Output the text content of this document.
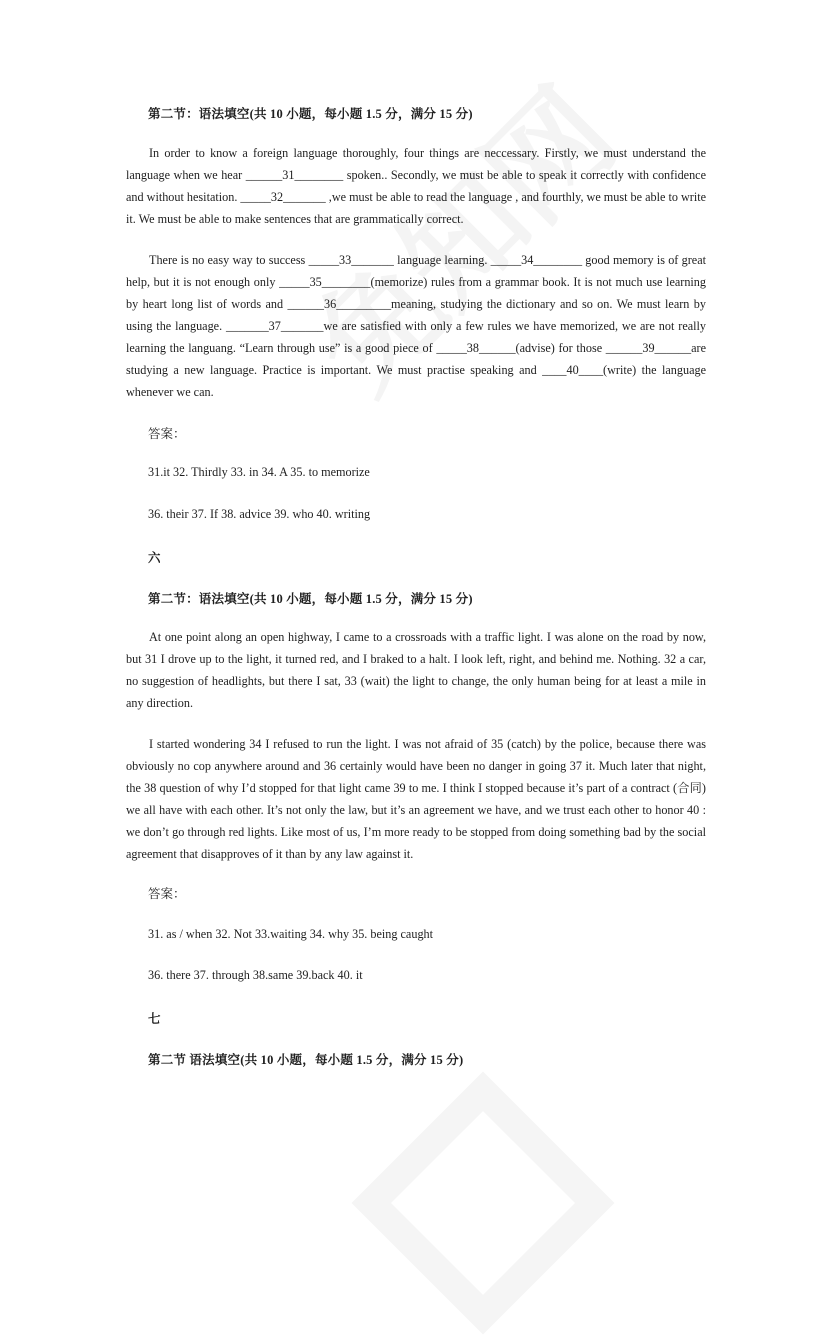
第二节：语法填空(共 10 小题，每小题 1.5 分，满分 15 分)
In order to know a foreign language thoroughly, four things are neccessary. Firstly, we must understand the language when we hear ______31________ spoken.. Secondly, we must be able to speak it correctly with confidence and without hesitation. _____32_______ ,we must be able to read the language , and fourthly, we must be able to write it. We must be able to make sentences that are grammatically correct.
There is no easy way to success _____33_______ language learning. _____34________ good memory is of great help, but it is not enough only _____35________(memorize) rules from a grammar book. It is not much use learning by heart long list of words and ______36_________meaning, studying the dictionary and so on. We must learn by using the language. _______37_______we are satisfied with only a few rules we have memorized, we are not really learning the languang. “Learn through use” is a good piece of _____38______(advise) for those ______39______are studying a new language. Practice is important. We must practise speaking and ____40____(write) the language whenever we can.
答案：
31.it 32. Thirdly 33. in 34. A 35. to memorize
36. their 37. If 38. advice 39. who 40. writing
六
第二节：语法填空(共 10 小题，每小题 1.5 分，满分 15 分)
At one point along an open highway, I came to a crossroads with a traffic light. I was alone on the road by now, but 31 I drove up to the light, it turned red, and I braked to a halt. I look left, right, and behind me. Nothing. 32 a car, no suggestion of headlights, but there I sat, 33 (wait) the light to change, the only human being for at least a mile in any direction.
I started wondering 34 I refused to run the light. I was not afraid of 35 (catch) by the police, because there was obviously no cop anywhere around and 36 certainly would have been no danger in going 37 it. Much later that night, the 38 question of why I’d stopped for that light came 39 to me. I think I stopped because it’s part of a contract (合同) we all have with each other. It’s not only the law, but it’s an agreement we have, and we trust each other to honor 40 : we don’t go through red lights. Like most of us, I’m more ready to be stopped from doing something bad by the social agreement that disapproves of it than by any law against it.
答案：
31. as / when 32. Not 33.waiting 34. why 35. being caught
36. there 37. through 38.same 39.back 40. it
七
第二节 语法填空(共 10 小题，每小题 1.5 分，满分 15 分)
